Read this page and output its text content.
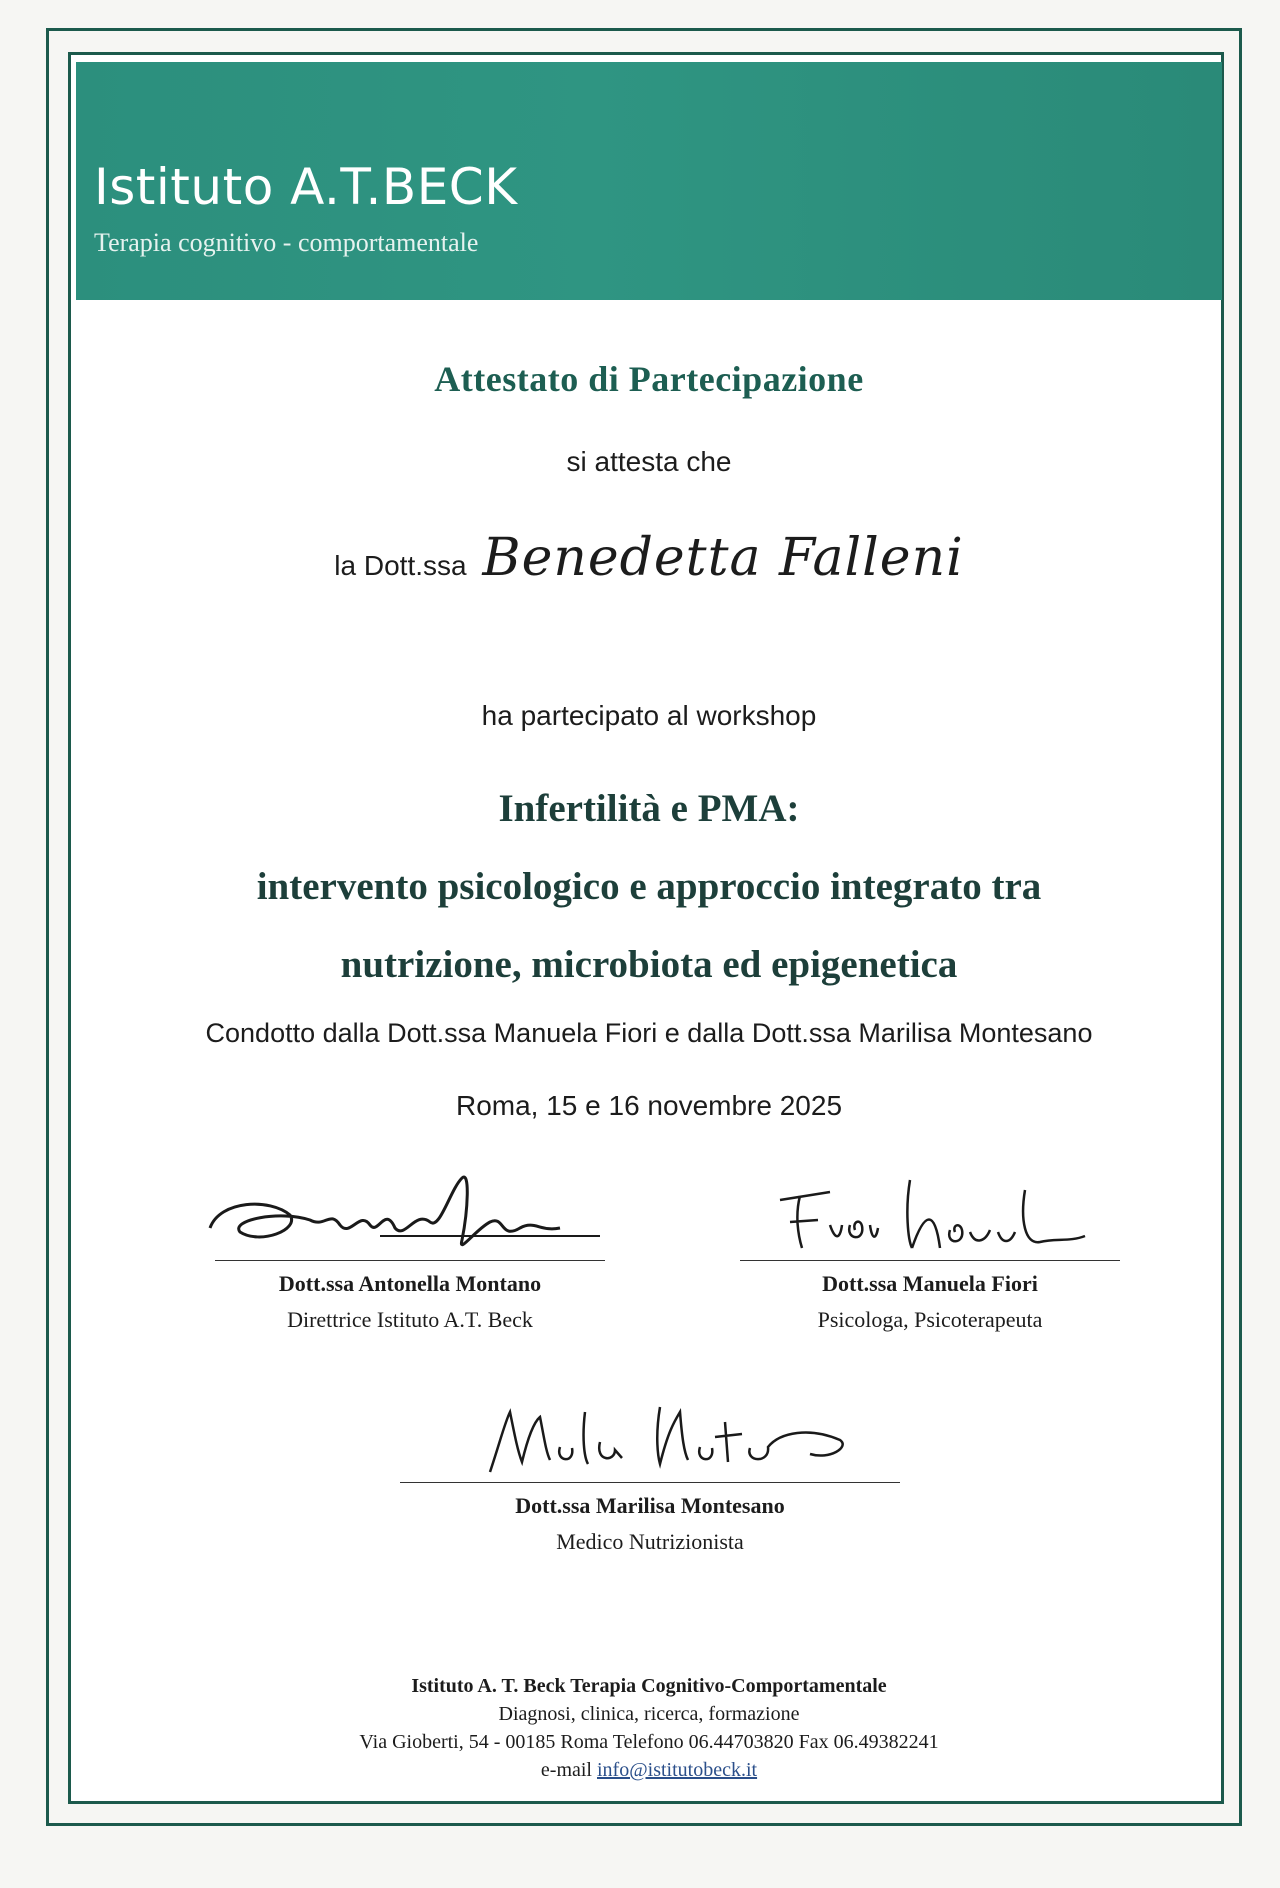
Istituto A.T.BECK
Terapia cognitivo - comportamentale
Attestato di Partecipazione
si attesta che
la Dott.ssa Benedetta Falleni
ha partecipato al workshop
Infertilità e PMA:
intervento psicologico e approccio integrato tra
nutrizione, microbiota ed epigenetica
Condotto dalla Dott.ssa Manuela Fiori e dalla Dott.ssa Marilisa Montesano
Roma, 15 e 16 novembre 2025
Dott.ssa Antonella Montano
Direttrice Istituto A.T. Beck
Dott.ssa Manuela Fiori
Psicologa, Psicoterapeuta
Dott.ssa Marilisa Montesano
Medico Nutrizionista
Istituto A. T. Beck Terapia Cognitivo-Comportamentale
Diagnosi, clinica, ricerca, formazione
Via Gioberti, 54 - 00185 Roma Telefono 06.44703820 Fax 06.49382241
e-mail info@istitutobeck.it
